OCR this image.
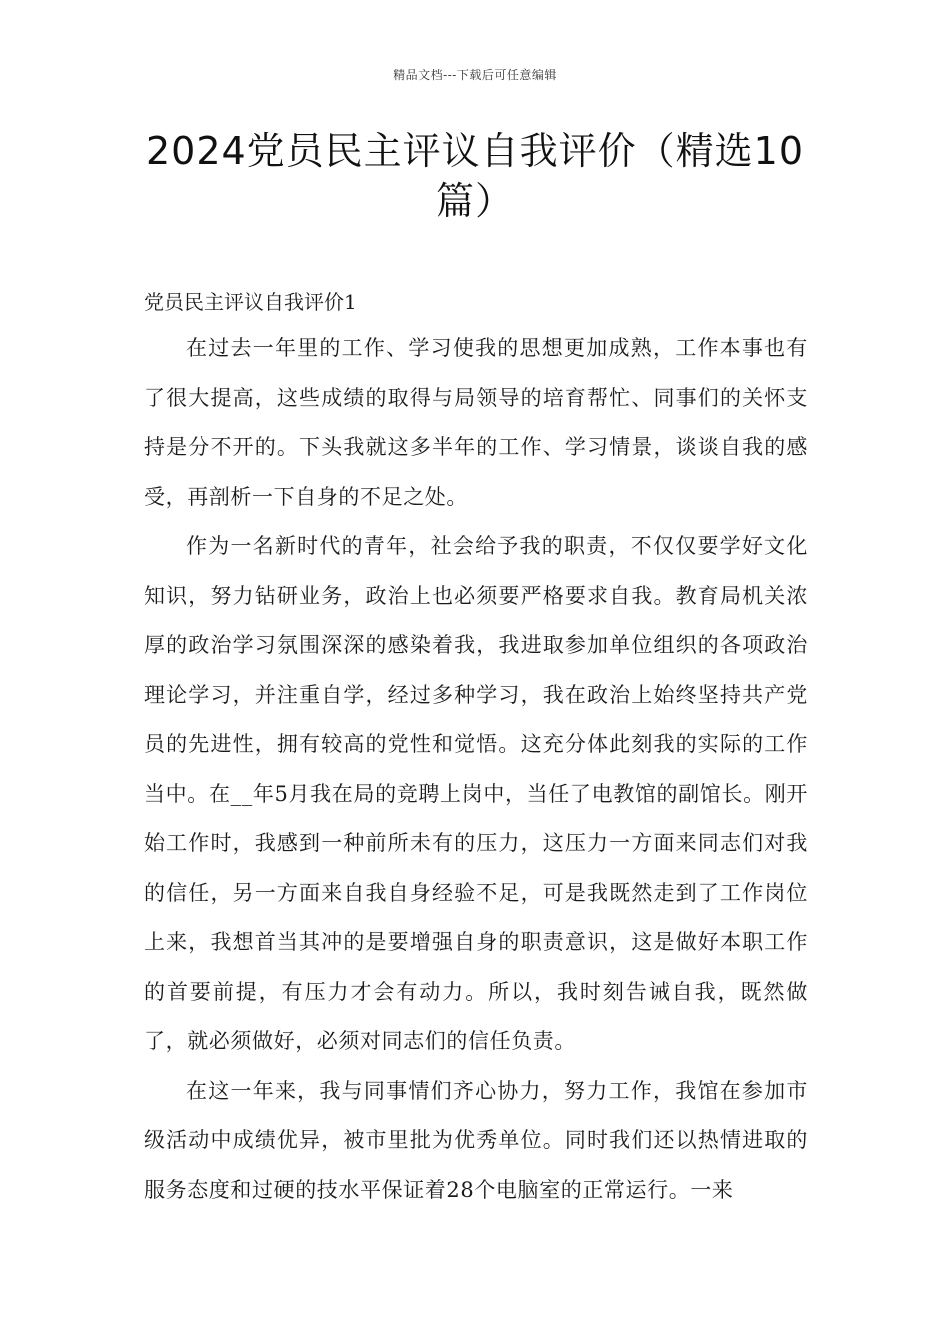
精品文档---下载后可任意编辑
2024党员民主评议自我评价（精选10篇）
党员民主评议自我评价1

在过去一年里的工作、学习使我的思想更加成熟，工作本事也有了很大提高，这些成绩的取得与局领导的培育帮忙、同事们的关怀支持是分不开的。下头我就这多半年的工作、学习情景，谈谈自我的感受，再剖析一下自身的不足之处。

作为一名新时代的青年，社会给予我的职责，不仅仅要学好文化知识，努力钻研业务，政治上也必须要严格要求自我。教育局机关浓厚的政治学习氛围深深的感染着我，我进取参加单位组织的各项政治理论学习，并注重自学，经过多种学习，我在政治上始终坚持共产党员的先进性，拥有较高的党性和觉悟。这充分体此刻我的实际的工作当中。在__年5月我在局的竞聘上岗中，当任了电教馆的副馆长。刚开始工作时，我感到一种前所未有的压力，这压力一方面来同志们对我的信任，另一方面来自我自身经验不足，可是我既然走到了工作岗位上来，我想首当其冲的是要增强自身的职责意识，这是做好本职工作的首要前提，有压力才会有动力。所以，我时刻告诫自我，既然做了，就必须做好，必须对同志们的信任负责。

在这一年来，我与同事情们齐心协力，努力工作，我馆在参加市级活动中成绩优异，被市里批为优秀单位。同时我们还以热情进取的服务态度和过硬的技水平保证着28个电脑室的正常运行。一来
